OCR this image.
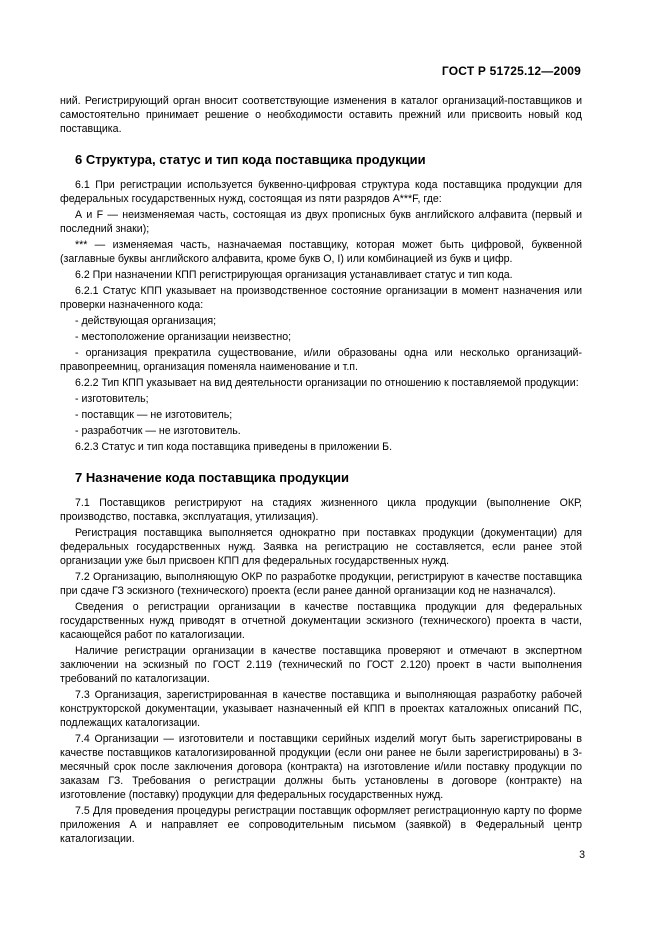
ГОСТ Р 51725.12—2009

ний. Регистрирующий орган вносит соответствующие изменения в каталог организаций-поставщиков и самостоятельно принимает решение о необходимости оставить прежний или присвоить новый код поставщика.

6 Структура, статус и тип кода поставщика продукции

6.1 При регистрации используется буквенно-цифровая структура кода поставщика продукции для федеральных государственных нужд, состоящая из пяти разрядов А***F, где:

А и F — неизменяемая часть, состоящая из двух прописных букв английского алфавита (первый и последний знаки);

*** — изменяемая часть, назначаемая поставщику, которая может быть цифровой, буквенной (заглавные буквы английского алфавита, кроме букв О, I) или комбинацией из букв и цифр.

6.2 При назначении КПП регистрирующая организация устанавливает статус и тип кода.

6.2.1 Статус КПП указывает на производственное состояние организации в момент назначения или проверки назначенного кода:

- действующая организация;

- местоположение организации неизвестно;

- организация прекратила существование, и/или образованы одна или несколько организаций-правопреемниц, организация поменяла наименование и т.п.

6.2.2 Тип КПП указывает на вид деятельности организации по отношению к поставляемой продукции:

- изготовитель;

- поставщик — не изготовитель;

- разработчик — не изготовитель.

6.2.3 Статус и тип кода поставщика приведены в приложении Б.

7 Назначение кода поставщика продукции

7.1 Поставщиков регистрируют на стадиях жизненного цикла продукции (выполнение ОКР, производство, поставка, эксплуатация, утилизация).

Регистрация поставщика выполняется однократно при поставках продукции (документации) для федеральных государственных нужд. Заявка на регистрацию не составляется, если ранее этой организации уже был присвоен КПП для федеральных государственных нужд.

7.2 Организацию, выполняющую ОКР по разработке продукции, регистрируют в качестве поставщика при сдаче ГЗ эскизного (технического) проекта (если ранее данной организации код не назначался).

Сведения о регистрации организации в качестве поставщика продукции для федеральных государственных нужд приводят в отчетной документации эскизного (технического) проекта в части, касающейся работ по каталогизации.

Наличие регистрации организации в качестве поставщика проверяют и отмечают в экспертном заключении на эскизный по ГОСТ 2.119 (технический по ГОСТ 2.120) проект в части выполнения требований по каталогизации.

7.3 Организация, зарегистрированная в качестве поставщика и выполняющая разработку рабочей конструкторской документации, указывает назначенный ей КПП в проектах каталожных описаний ПС, подлежащих каталогизации.

7.4 Организации — изготовители и поставщики серийных изделий могут быть зарегистрированы в качестве поставщиков каталогизированной продукции (если они ранее не были зарегистрированы) в 3-месячный срок после заключения договора (контракта) на изготовление и/или поставку продукции по заказам ГЗ. Требования о регистрации должны быть установлены в договоре (контракте) на изготовление (поставку) продукции для федеральных государственных нужд.

7.5 Для проведения процедуры регистрации поставщик оформляет регистрационную карту по форме приложения А и направляет ее сопроводительным письмом (заявкой) в Федеральный центр каталогизации.

3
